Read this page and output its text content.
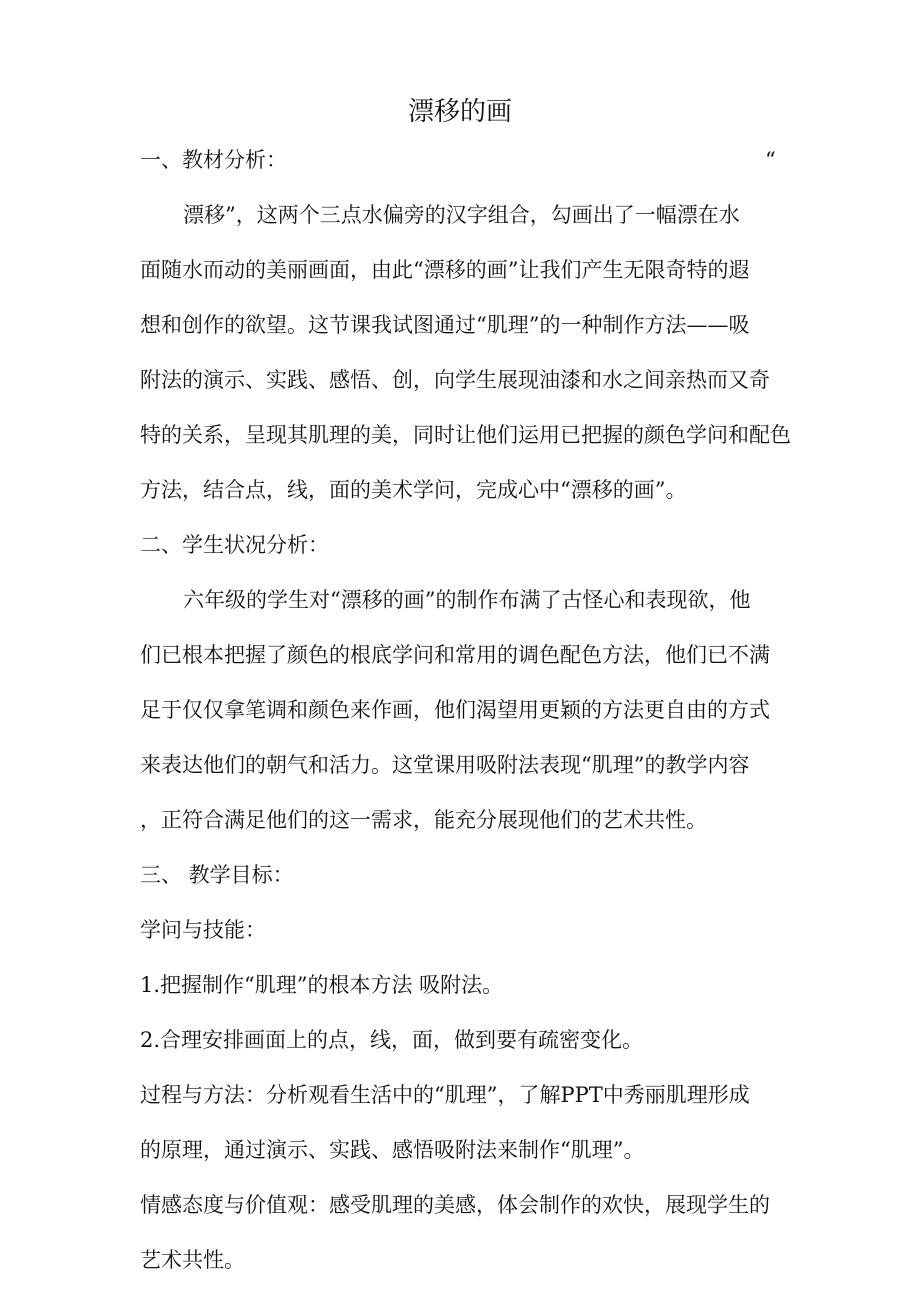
漂移的画
一、教材分析：	“
漂移”，这两个三点水偏旁的汉字组合，勾画出了一幅漂在水
面随水而动的美丽画面，由此“漂移的画”让我们产生无限奇特的遐
想和创作的欲望。这节课我试图通过“肌理”的一种制作方法——吸
附法的演示、实践、感悟、创，向学生展现油漆和水之间亲热而又奇
特的关系，呈现其肌理的美，同时让他们运用已把握的颜色学问和配色
方法，结合点，线，面的美术学问，完成心中“漂移的画”。
二、学生状况分析：
六年级的学生对“漂移的画”的制作布满了古怪心和表现欲，他
们已根本把握了颜色的根底学问和常用的调色配色方法，他们已不满
足于仅仅拿笔调和颜色来作画，他们渴望用更颖的方法更自由的方式
来表达他们的朝气和活力。这堂课用吸附法表现“肌理”的教学内容
，正符合满足他们的这一需求，能充分展现他们的艺术共性。
三、 教学目标：
学问与技能：
1.把握制作“肌理”的根本方法 吸附法。
2.合理安排画面上的点，线，面，做到要有疏密变化。
过程与方法：分析观看生活中的“肌理”，了解PPT中秀丽肌理形成
的原理，通过演示、实践、感悟吸附法来制作“肌理”。
情感态度与价值观：感受肌理的美感，体会制作的欢快，展现学生的
艺术共性。
